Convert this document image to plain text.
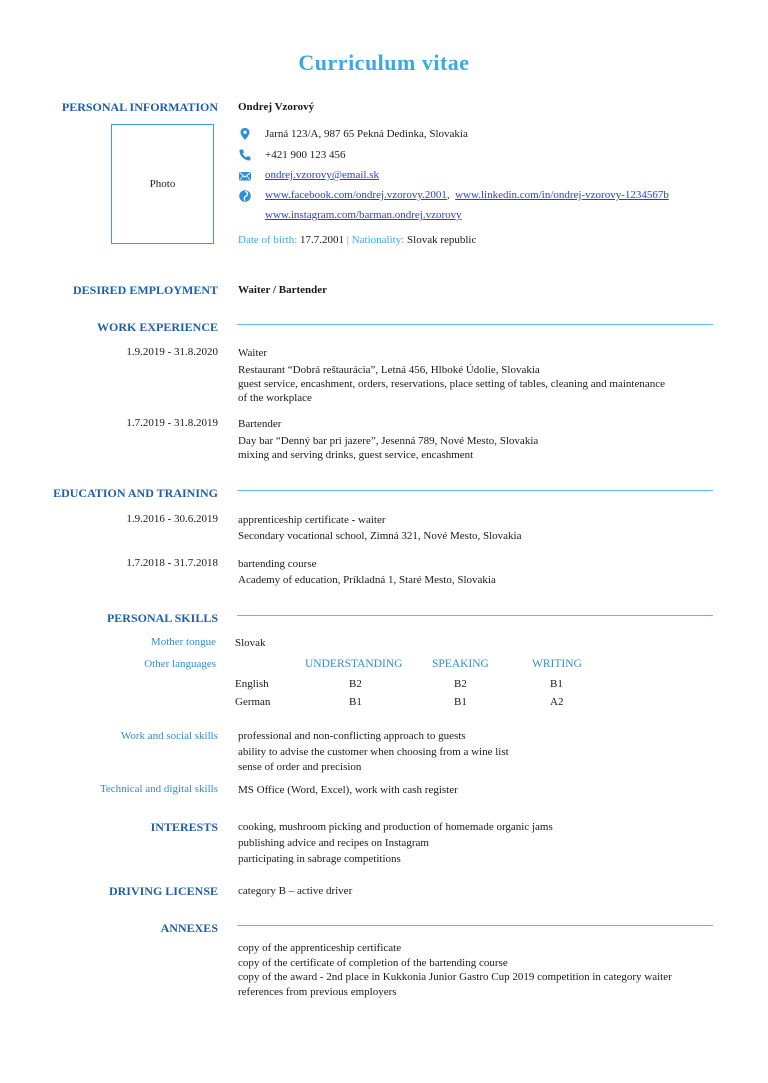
Curriculum vitae
PERSONAL INFORMATION Ondrej Vzorový
Photo
Jarná 123/A, 987 65 Pekná Dedinka, Slovakia
+421 900 123 456
ondrej.vzorovy@email.sk
www.facebook.com/ondrej.vzorovy.2001, www.linkedin.com/in/ondrej-vzorovy-1234567b
www.instagram.com/barman.ondrej.vzorovy
Date of birth: 17.7.2001 | Nationality: Slovak republic
DESIRED EMPLOYMENT Waiter / Bartender
WORK EXPERIENCE
1.9.2019 - 31.8.2020 Waiter
Restaurant “Dobrá reštaurácia”, Letná 456, Hlboké Údolie, Slovakia
guest service, encashment, orders, reservations, place setting of tables, cleaning and maintenance
of the workplace
1.7.2019 - 31.8.2019 Bartender
Day bar “Denný bar pri jazere”, Jesenná 789, Nové Mesto, Slovakia
mixing and serving drinks, guest service, encashment
EDUCATION AND TRAINING
1.9.2016 - 30.6.2019 apprenticeship certificate - waiter
Secondary vocational school, Zimná 321, Nové Mesto, Slovakia
1.7.2018 - 31.7.2018 bartending course
Academy of education, Príkladná 1, Staré Mesto, Slovakia
PERSONAL SKILLS
Mother tongue Slovak
Other languages	UNDERSTANDING	SPEAKING	WRITING
English	B2	B2	B1
German	B1	B1	A2
Work and social skills professional and non-conflicting approach to guests
ability to advise the customer when choosing from a wine list
sense of order and precision
Technical and digital skills MS Office (Word, Excel), work with cash register
INTERESTS cooking, mushroom picking and production of homemade organic jams
publishing advice and recipes on Instagram
participating in sabrage competitions
DRIVING LICENSE category B – active driver
ANNEXES
copy of the apprenticeship certificate
copy of the certificate of completion of the bartending course
copy of the award - 2nd place in Kukkonia Junior Gastro Cup 2019 competition in category waiter
references from previous employers
